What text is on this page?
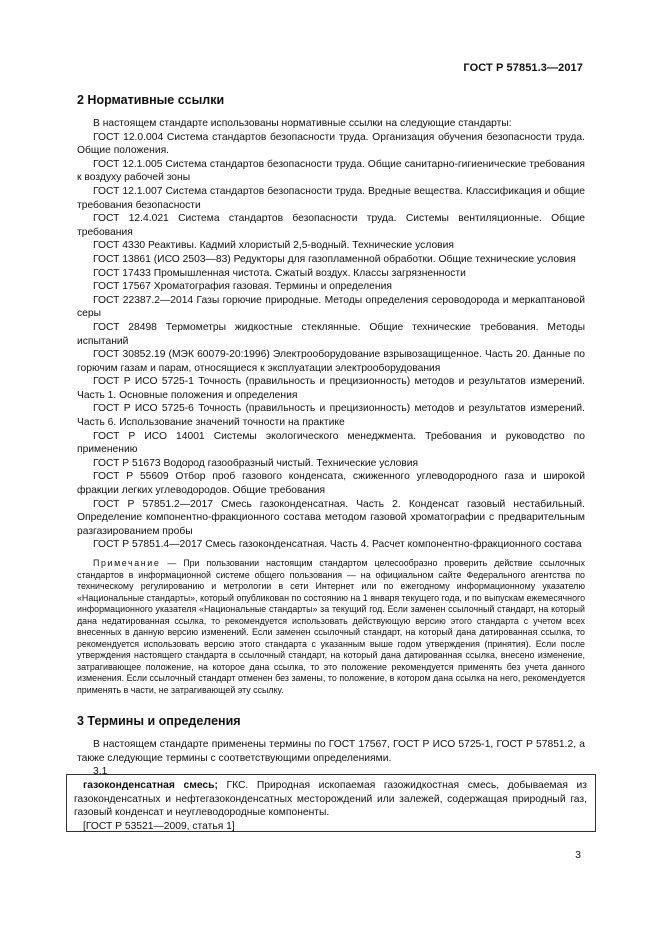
ГОСТ Р 57851.3—2017
2 Нормативные ссылки

В настоящем стандарте использованы нормативные ссылки на следующие стандарты:

ГОСТ 12.0.004 Система стандартов безопасности труда. Организация обучения безопасности труда. Общие положения.

ГОСТ 12.1.005 Система стандартов безопасности труда. Общие санитарно-гигиенические требования к воздуху рабочей зоны

ГОСТ 12.1.007 Система стандартов безопасности труда. Вредные вещества. Классификация и общие требования безопасности

ГОСТ 12.4.021 Система стандартов безопасности труда. Системы вентиляционные. Общие требования

ГОСТ 4330 Реактивы. Кадмий хлористый 2,5-водный. Технические условия

ГОСТ 13861 (ИСО 2503—83) Редукторы для газопламенной обработки. Общие технические условия

ГОСТ 17433 Промышленная чистота. Сжатый воздух. Классы загрязненности

ГОСТ 17567 Хроматография газовая. Термины и определения

ГОСТ 22387.2—2014 Газы горючие природные. Методы определения сероводорода и меркаптановой серы

ГОСТ 28498 Термометры жидкостные стеклянные. Общие технические требования. Методы испытаний

ГОСТ 30852.19 (МЭК 60079-20:1996) Электрооборудование взрывозащищенное. Часть 20. Данные по горючим газам и парам, относящиеся к эксплуатации электрооборудования

ГОСТ Р ИСО 5725-1 Точность (правильность и прецизионность) методов и результатов измерений. Часть 1. Основные положения и определения

ГОСТ Р ИСО 5725-6 Точность (правильность и прецизионность) методов и результатов измерений. Часть 6. Использование значений точности на практике

ГОСТ Р ИСО 14001 Системы экологического менеджмента. Требования и руководство по применению

ГОСТ Р 51673 Водород газообразный чистый. Технические условия

ГОСТ Р 55609 Отбор проб газового конденсата, сжиженного углеводородного газа и широкой фракции легких углеводородов. Общие требования

ГОСТ Р 57851.2—2017 Смесь газоконденсатная. Часть 2. Конденсат газовый нестабильный. Определение компонентно-фракционного состава методом газовой хроматографии с предварительным разгазированием пробы

ГОСТ Р 57851.4—2017 Смесь газоконденсатная. Часть 4. Расчет компонентно-фракционного состава

Примечание — При пользовании настоящим стандартом целесообразно проверить действие ссылочных стандартов в информационной системе общего пользования — на официальном сайте Федерального агентства по техническому регулированию и метрологии в сети Интернет или по ежегодному информационному указателю «Национальные стандарты», который опубликован по состоянию на 1 января текущего года, и по выпускам ежемесячного информационного указателя «Национальные стандарты» за текущий год. Если заменен ссылочный стандарт, на который дана недатированная ссылка, то рекомендуется использовать действующую версию этого стандарта с учетом всех внесенных в данную версию изменений. Если заменен ссылочный стандарт, на который дана датированная ссылка, то рекомендуется использовать версию этого стандарта с указанным выше годом утверждения (принятия). Если после утверждения настоящего стандарта в ссылочный стандарт, на который дана датированная ссылка, внесено изменение, затрагивающее положение, на которое дана ссылка, то это положение рекомендуется применять без учета данного изменения. Если ссылочный стандарт отменен без замены, то положение, в котором дана ссылка на него, рекомендуется применять в части, не затрагивающей эту ссылку.

3 Термины и определения

В настоящем стандарте применены термины по ГОСТ 17567, ГОСТ Р ИСО 5725-1, ГОСТ Р 57851.2, а также следующие термины с соответствующими определениями.

3.1

газоконденсатная смесь; ГКС. Природная ископаемая газожидкостная смесь, добываемая из газоконденсатных и нефтегазоконденсатных месторождений или залежей, содержащая природный газ, газовый конденсат и неуглеводородные компоненты.

[ГОСТ Р 53521—2009, статья 1]

3
